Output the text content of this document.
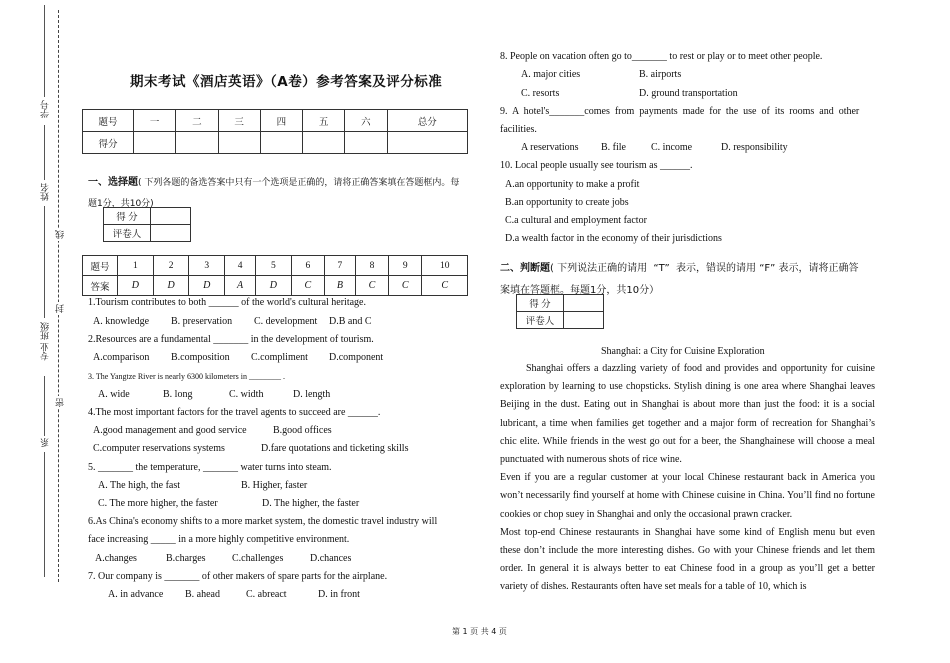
学号
姓名
专业 班级
系
线
封
密
期末考试《酒店英语》（A卷）参考答案及评分标准
题号	一	二	三	四	五	六	总分
得分							
一、选择题( 下列各题的备选答案中只有一个选项是正确的，请将正确答案填在答题框内。每题1分，共10分)
得 分	
评卷人	
题号	1	2	3	4	5	6	7	8	9	10
答案	D	D	D	A	D	C	B	C	C	C
1.Tourism contributes to both ______ of the world's cultural heritage.
A. knowledge B. preservation C. development D.B and C
2.Resources are a fundamental _______ in the development of tourism.
A.comparison B.composition C.compliment D.component
3. The Yangtze River is nearly 6300 kilometers in ________ .
A. wide	B. long	C. width	D. length
4.The most important factors for the travel agents to succeed are ______.
A.good management and good service	B.good offices
C.computer reservations systems	D.fare quotations and ticketing skills
5. _______ the temperature, _______ water turns into steam.
A. The high, the fast	B. Higher, faster
C. The more higher, the faster	D. The higher, the faster
6.As China's economy shifts to a more market system, the domestic travel industry will
face increasing _____ in a more highly competitive environment.
A.changes	B.charges	C.challenges	D.chances
7. Our company is _______ of other makers of spare parts for the airplane.
A. in advance B. ahead	C. abreact	D. in front
8. People on vacation often go to_______ to rest or play or to meet other people.
A. major cities	B. airports
C. resorts	D. ground transportation
9.  A  hotel's_______comes  from  payments  made  for  the  use  of  its  rooms  and  other
facilities.
A reservations B. file	C. income	D. responsibility
10. Local people usually see tourism as ______.
A.an opportunity to make a profit
B.an opportunity to create jobs
C.a cultural and employment factor
D.a wealth factor in the economy of their jurisdictions
二、判断题( 下列说法正确的请用  “T”  表示，错误的请用 “F” 表示，请将正确答
案填在答题框。每题1分，共10分）
得 分	
评卷人	
Shanghai: a City for Cuisine Exploration

Shanghai offers a dazzling variety of food and provides and opportunity for cuisine exploration by learning to use chopsticks. Stylish dining is one area where Shanghai leaves Beijing in the dust. Eating out in Shanghai is about more than just the food: it is a social lubricant, a time when families get together and a major form of recreation for Shanghai’s chic elite. While friends in the west go out for a beer, the Shanghainese will choose a meal punctuated with numerous shots of rice wine.

Even if you are a regular customer at your local Chinese restaurant back in America you won’t necessarily find yourself at home with Chinese cuisine in China. You’ll find no fortune cookies or chop suey in Shanghai and only the occasional prawn cracker.

Most top-end Chinese restaurants in Shanghai have some kind of English menu but even these don’t include the more interesting dishes. Go with your Chinese friends and let them order. In general it is always better to eat Chinese food in a group as you’ll get a better variety of dishes. Restaurants often have set meals for a table of 10, which is

第 1 页 共 4 页
